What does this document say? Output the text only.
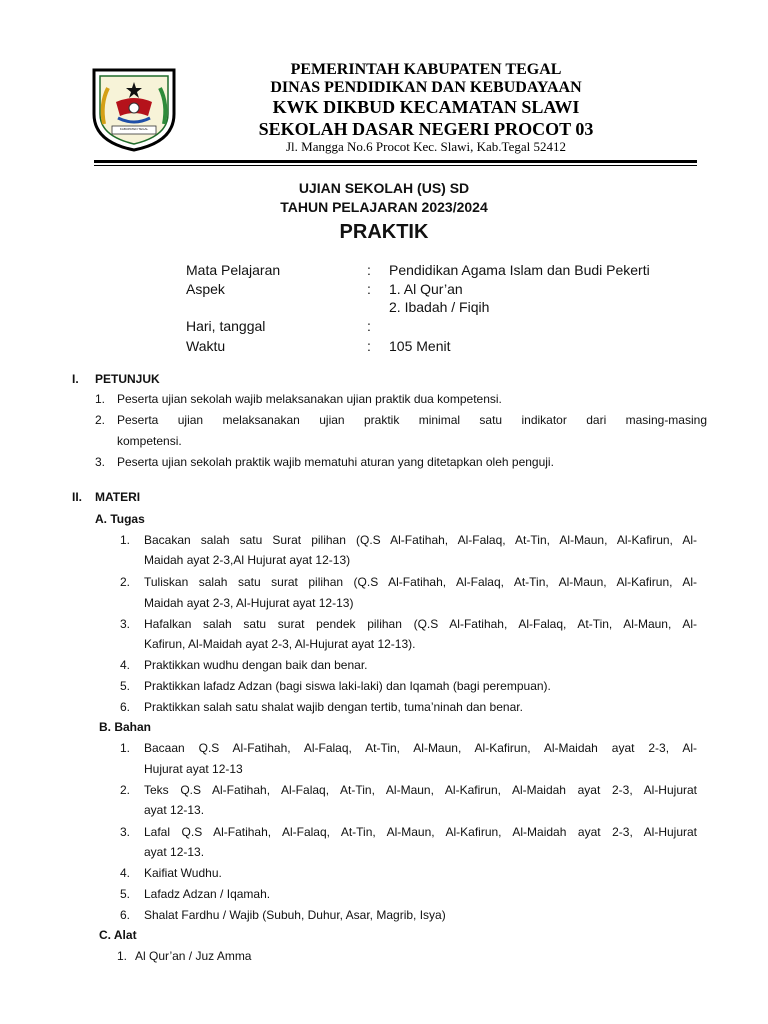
KABUPATEN TEGAL
PEMERINTAH KABUPATEN TEGAL
DINAS PENDIDIKAN DAN KEBUDAYAAN
KWK DIKBUD KECAMATAN SLAWI
SEKOLAH DASAR NEGERI PROCOT 03
Jl. Mangga No.6 Procot Kec. Slawi, Kab.Tegal 52412
UJIAN SEKOLAH (US) SD
TAHUN PELAJARAN 2023/2024
PRAKTIK
Mata Pelajaran	: Pendidikan Agama Islam dan Budi Pekerti
Aspek	: 1. Al Qur’an
2. Ibadah / Fiqih
Hari, tanggal	:
Waktu	: 105 Menit
I. PETUNJUK
1. Peserta ujian sekolah wajib melaksanakan ujian praktik dua kompetensi.
2. Peserta ujian melaksanakan ujian praktik minimal satu indikator dari masing-masing
kompetensi.
3. Peserta ujian sekolah praktik wajib mematuhi aturan yang ditetapkan oleh penguji.
II. MATERI
A. Tugas
1. Bacakan salah satu Surat pilihan (Q.S Al-Fatihah, Al-Falaq, At-Tin, Al-Maun, Al-Kafirun, Al-
Maidah ayat 2-3,Al Hujurat ayat 12-13)
2. Tuliskan salah satu surat pilihan (Q.S Al-Fatihah, Al-Falaq, At-Tin, Al-Maun, Al-Kafirun, Al-
Maidah ayat 2-3, Al-Hujurat ayat 12-13)
3. Hafalkan salah satu surat pendek pilihan (Q.S Al-Fatihah, Al-Falaq, At-Tin, Al-Maun, Al-
Kafirun, Al-Maidah ayat 2-3, Al-Hujurat ayat 12-13).
4. Praktikkan wudhu dengan baik dan benar.
5. Praktikkan lafadz Adzan (bagi siswa laki-laki) dan Iqamah (bagi perempuan).
6. Praktikkan salah satu shalat wajib dengan tertib, tuma’ninah dan benar.
B. Bahan
1. Bacaan Q.S Al-Fatihah, Al-Falaq, At-Tin, Al-Maun, Al-Kafirun, Al-Maidah ayat 2-3, Al-
Hujurat ayat 12-13
2. Teks Q.S Al-Fatihah, Al-Falaq, At-Tin, Al-Maun, Al-Kafirun, Al-Maidah ayat 2-3, Al-Hujurat
ayat 12-13.
3. Lafal Q.S Al-Fatihah, Al-Falaq, At-Tin, Al-Maun, Al-Kafirun, Al-Maidah ayat 2-3, Al-Hujurat
ayat 12-13.
4. Kaifiat Wudhu.
5. Lafadz Adzan / Iqamah.
6. Shalat Fardhu / Wajib (Subuh, Duhur, Asar, Magrib, Isya)
C. Alat
1. Al Qur’an / Juz Amma
